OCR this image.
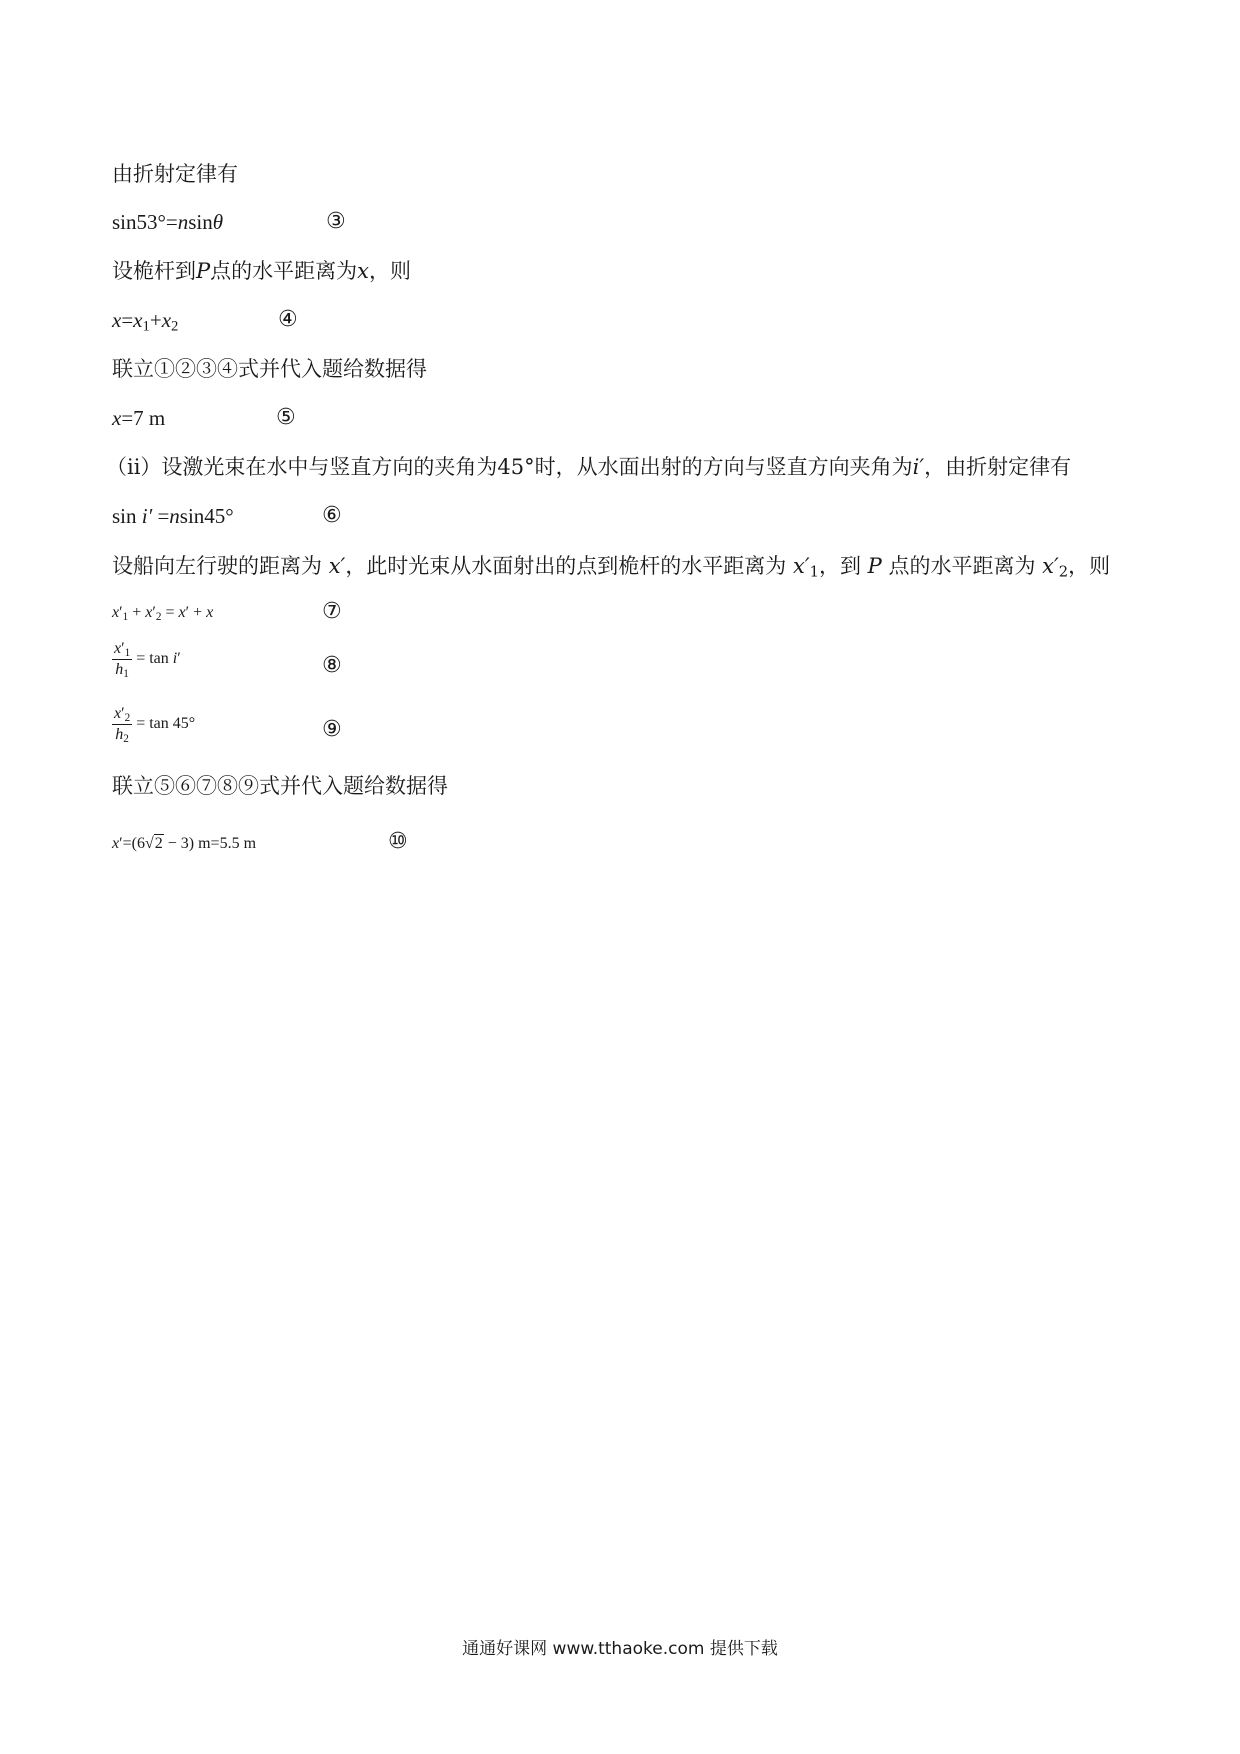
由折射定律有
sin53°=nsinθ	③
设桅杆到P点的水平距离为x，则
$x=x_1+x_2$	④
联立①②③④式并代入题给数据得
x=7 m	⑤
（ii）设激光束在水中与竖直方向的夹角为45°时，从水面出射的方向与竖直方向夹角为i′，由折射定律有
sin i′ =nsin45°	⑥
设船向左行驶的距离为 x′，此时光束从水面射出的点到桅杆的水平距离为 $x'_1$，到 P 点的水平距离为 $x'_2$，则
$x'_1 + x'_2 = x' + x$	⑦
$\frac{x'_1}{h_1} = \tan i'$	⑧
$\frac{x'_2}{h_2} = \tan 45^\circ$	⑨
联立⑤⑥⑦⑧⑨式并代入题给数据得
x′=(6√2 − 3) m=5.5 m	⑩
通通好课网 www.tthaoke.com 提供下载
